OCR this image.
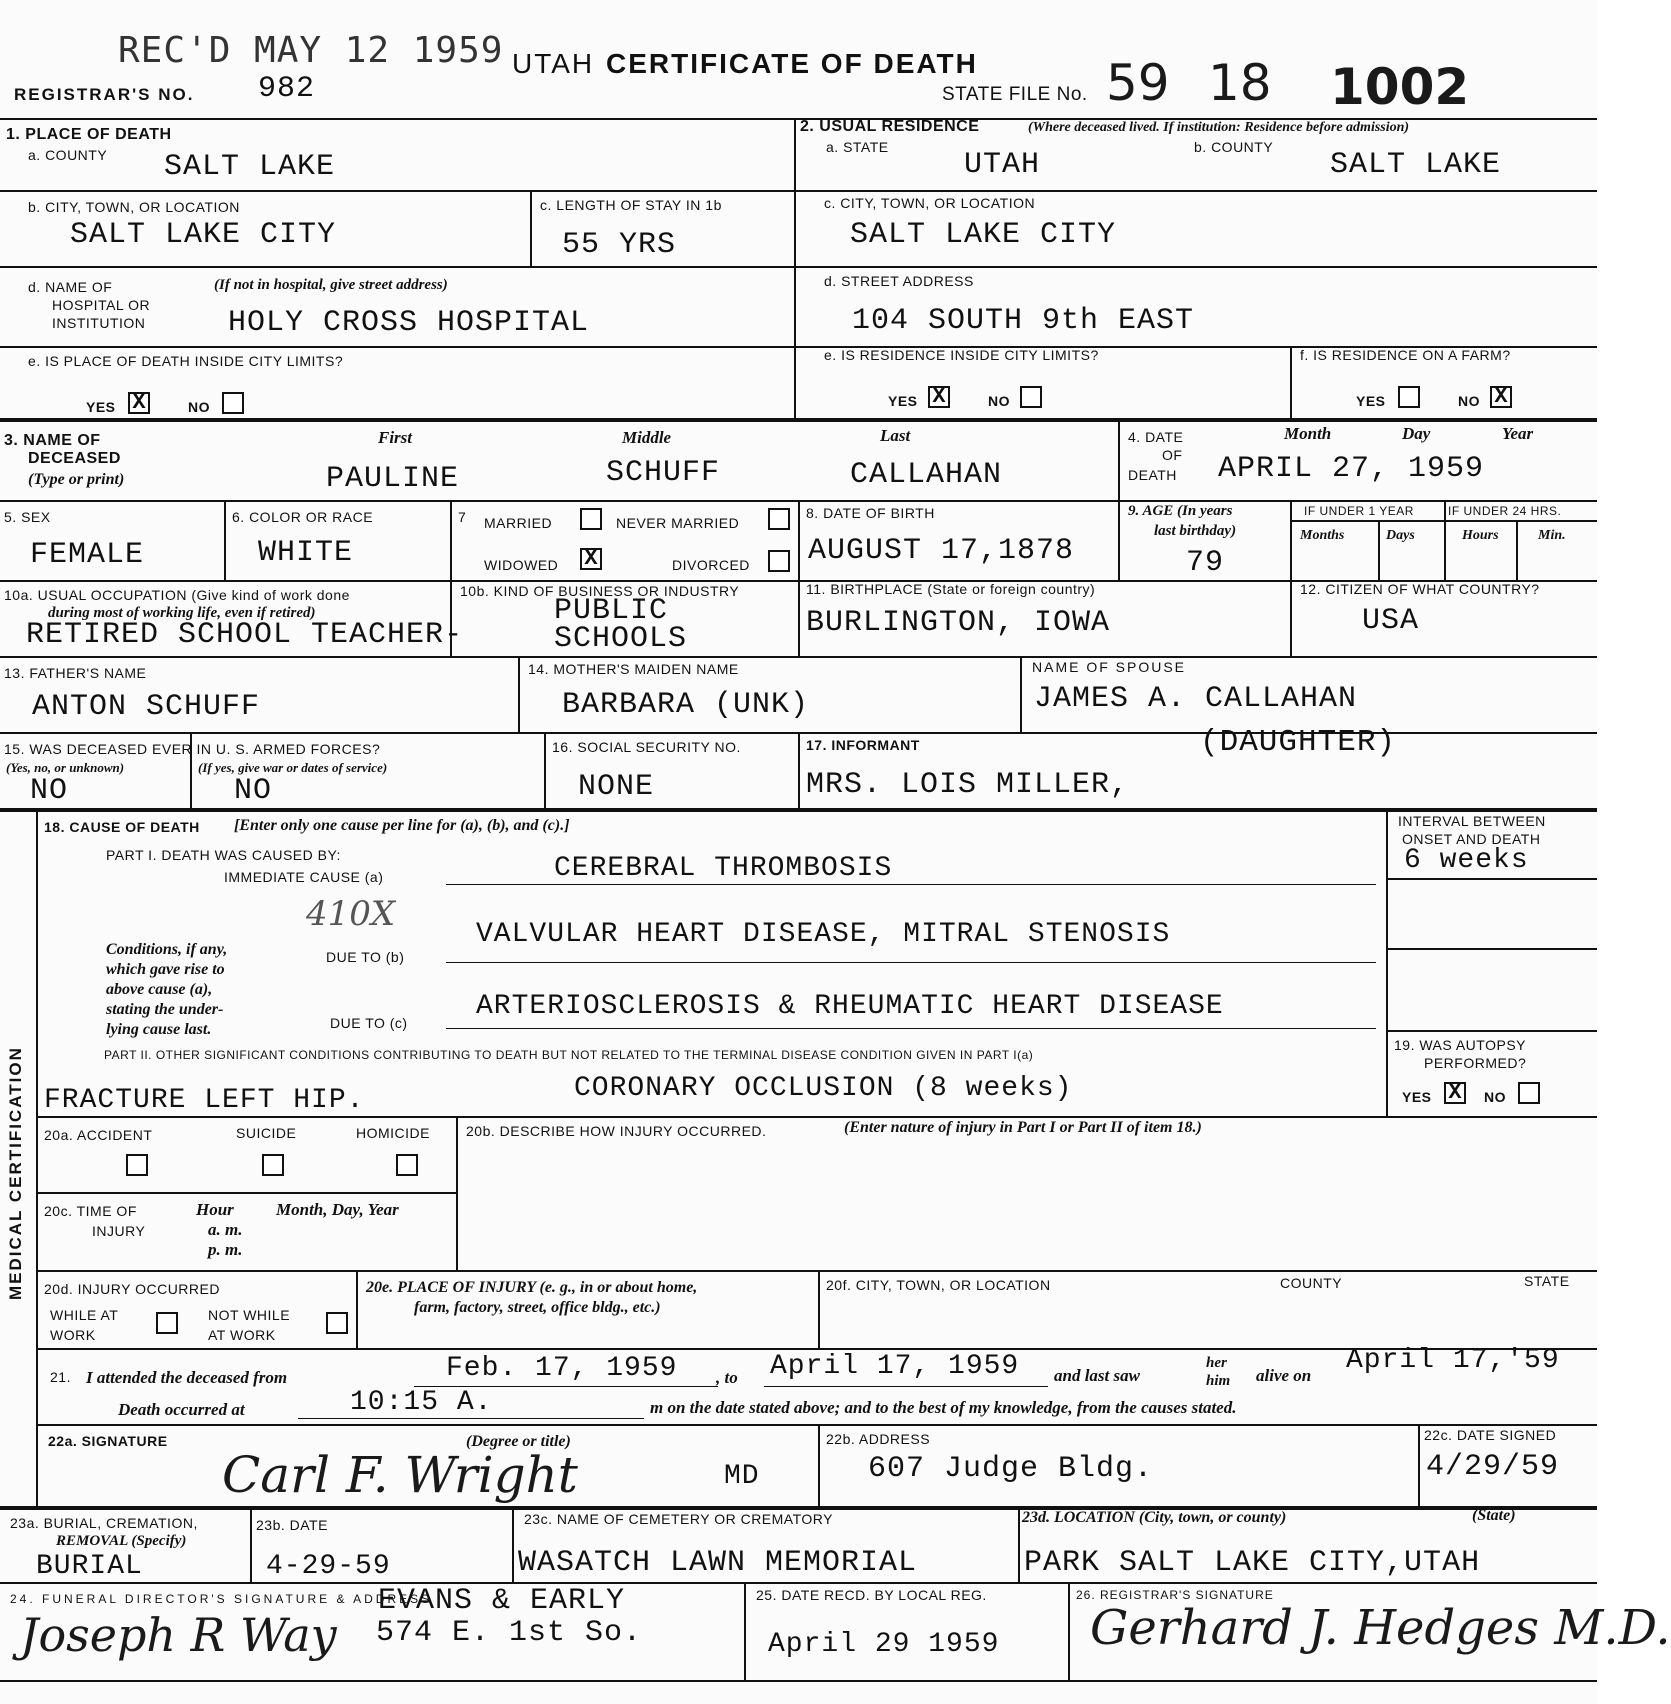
REC'D MAY 12 1959
REGISTRAR'S NO. 982
UTAH CERTIFICATE OF DEATH
STATE FILE No. 59 18 1002
1. PLACE OF DEATH
a. COUNTY SALT LAKE
2. USUAL RESIDENCE	(Where deceased lived. If institution: Residence before admission)
a. STATE
UTAH
b. COUNTY
SALT LAKE
b. CITY, TOWN, OR LOCATION
SALT LAKE CITY
c. LENGTH OF STAY IN 1b
55 YRS
c. CITY, TOWN, OR LOCATION
SALT LAKE CITY
d. NAME OF
HOSPITAL OR
INSTITUTION
(If not in hospital, give street address)
HOLY CROSS HOSPITAL
d. STREET ADDRESS
104 SOUTH 9th EAST
e. IS PLACE OF DEATH INSIDE CITY LIMITS?
YES X	NO
e. IS RESIDENCE INSIDE CITY LIMITS?
YES X	NO
f. IS RESIDENCE ON A FARM?
YES	NO X
3. NAME OF
DECEASED
(Type or print)
First	Middle	Last
PAULINE	SCHUFF	CALLAHAN
4. DATE
OF
DEATH
Month	Day	Year
APRIL 27, 1959
5. SEX
FEMALE
6. COLOR OR RACE
WHITE
7 MARRIED	NEVER MARRIED
WIDOWED X	DIVORCED
8. DATE OF BIRTH
AUGUST 17,1878
9. AGE (In years
last birthday)
79
IF UNDER 1 YEAR	IF UNDER 24 HRS.
Months	Days	Hours	Min.
10a. USUAL OCCUPATION (Give kind of work done
during most of working life, even if retired)
RETIRED SCHOOL TEACHER-
10b. KIND OF BUSINESS OR INDUSTRY
PUBLIC
SCHOOLS
11. BIRTHPLACE (State or foreign country)
BURLINGTON, IOWA
12. CITIZEN OF WHAT COUNTRY?
USA
13. FATHER'S NAME
ANTON SCHUFF
14. MOTHER'S MAIDEN NAME
BARBARA (UNK)
NAME OF SPOUSE
JAMES A. CALLAHAN
15. WAS DECEASED EVER IN U. S. ARMED FORCES?
(Yes, no, or unknown)	(If yes, give war or dates of service)
NO	NO
16. SOCIAL SECURITY NO.
NONE
17. INFORMANT
MRS. LOIS MILLER,
(DAUGHTER)
MEDICAL CERTIFICATION
18. CAUSE OF DEATH [Enter only one cause per line for (a), (b), and (c).]
PART I. DEATH WAS CAUSED BY:
IMMEDIATE CAUSE (a)	CEREBRAL THROMBOSIS
INTERVAL BETWEEN
ONSET AND DEATH
6 weeks
410X
Conditions, if any,
which gave rise to
above cause (a),
stating the under-
lying cause last.
DUE TO (b)
VALVULAR HEART DISEASE, MITRAL STENOSIS
DUE TO (c)
ARTERIOSCLEROSIS & RHEUMATIC HEART DISEASE
PART II. OTHER SIGNIFICANT CONDITIONS CONTRIBUTING TO DEATH BUT NOT RELATED TO THE TERMINAL DISEASE CONDITION GIVEN IN PART I(a)
FRACTURE LEFT HIP.	CORONARY OCCLUSION (8 weeks)
19. WAS AUTOPSY
PERFORMED?
YES X	NO
20a. ACCIDENT	SUICIDE	HOMICIDE	20b. DESCRIBE HOW INJURY OCCURRED.	(Enter nature of injury in Part I or Part II of item 18.)
20c. TIME OF
INJURY
Hour
a. m.
p. m.
Month, Day, Year
20d. INJURY OCCURRED
WHILE AT
WORK
NOT WHILE
AT WORK
20e. PLACE OF INJURY (e. g., in or about home,
farm, factory, street, office bldg., etc.)
20f. CITY, TOWN, OR LOCATION	COUNTY	STATE
21. I attended the deceased from	Feb. 17, 1959 , to April 17, 1959 and last saw
her
him alive on April 17,'59
Death occurred at	10:15 A.	m on the date stated above; and to the best of my knowledge, from the causes stated.
22a. SIGNATURE	(Degree or title)
Carl F. Wright	MD
22b. ADDRESS
607 Judge Bldg.
22c. DATE SIGNED
4/29/59
23a. BURIAL, CREMATION,
REMOVAL (Specify)
BURIAL
23b. DATE
4-29-59
23c. NAME OF CEMETERY OR CREMATORY
WASATCH LAWN MEMORIAL
23d. LOCATION (City, town, or county)	(State)
PARK SALT LAKE CITY,UTAH
24. FUNERAL DIRECTOR'S SIGNATURE & ADDRESS
Joseph R Way
EVANS & EARLY
574 E. 1st So.
25. DATE RECD. BY LOCAL REG.
April 29 1959
26. REGISTRAR'S SIGNATURE
Gerhard J. Hedges M.D.
